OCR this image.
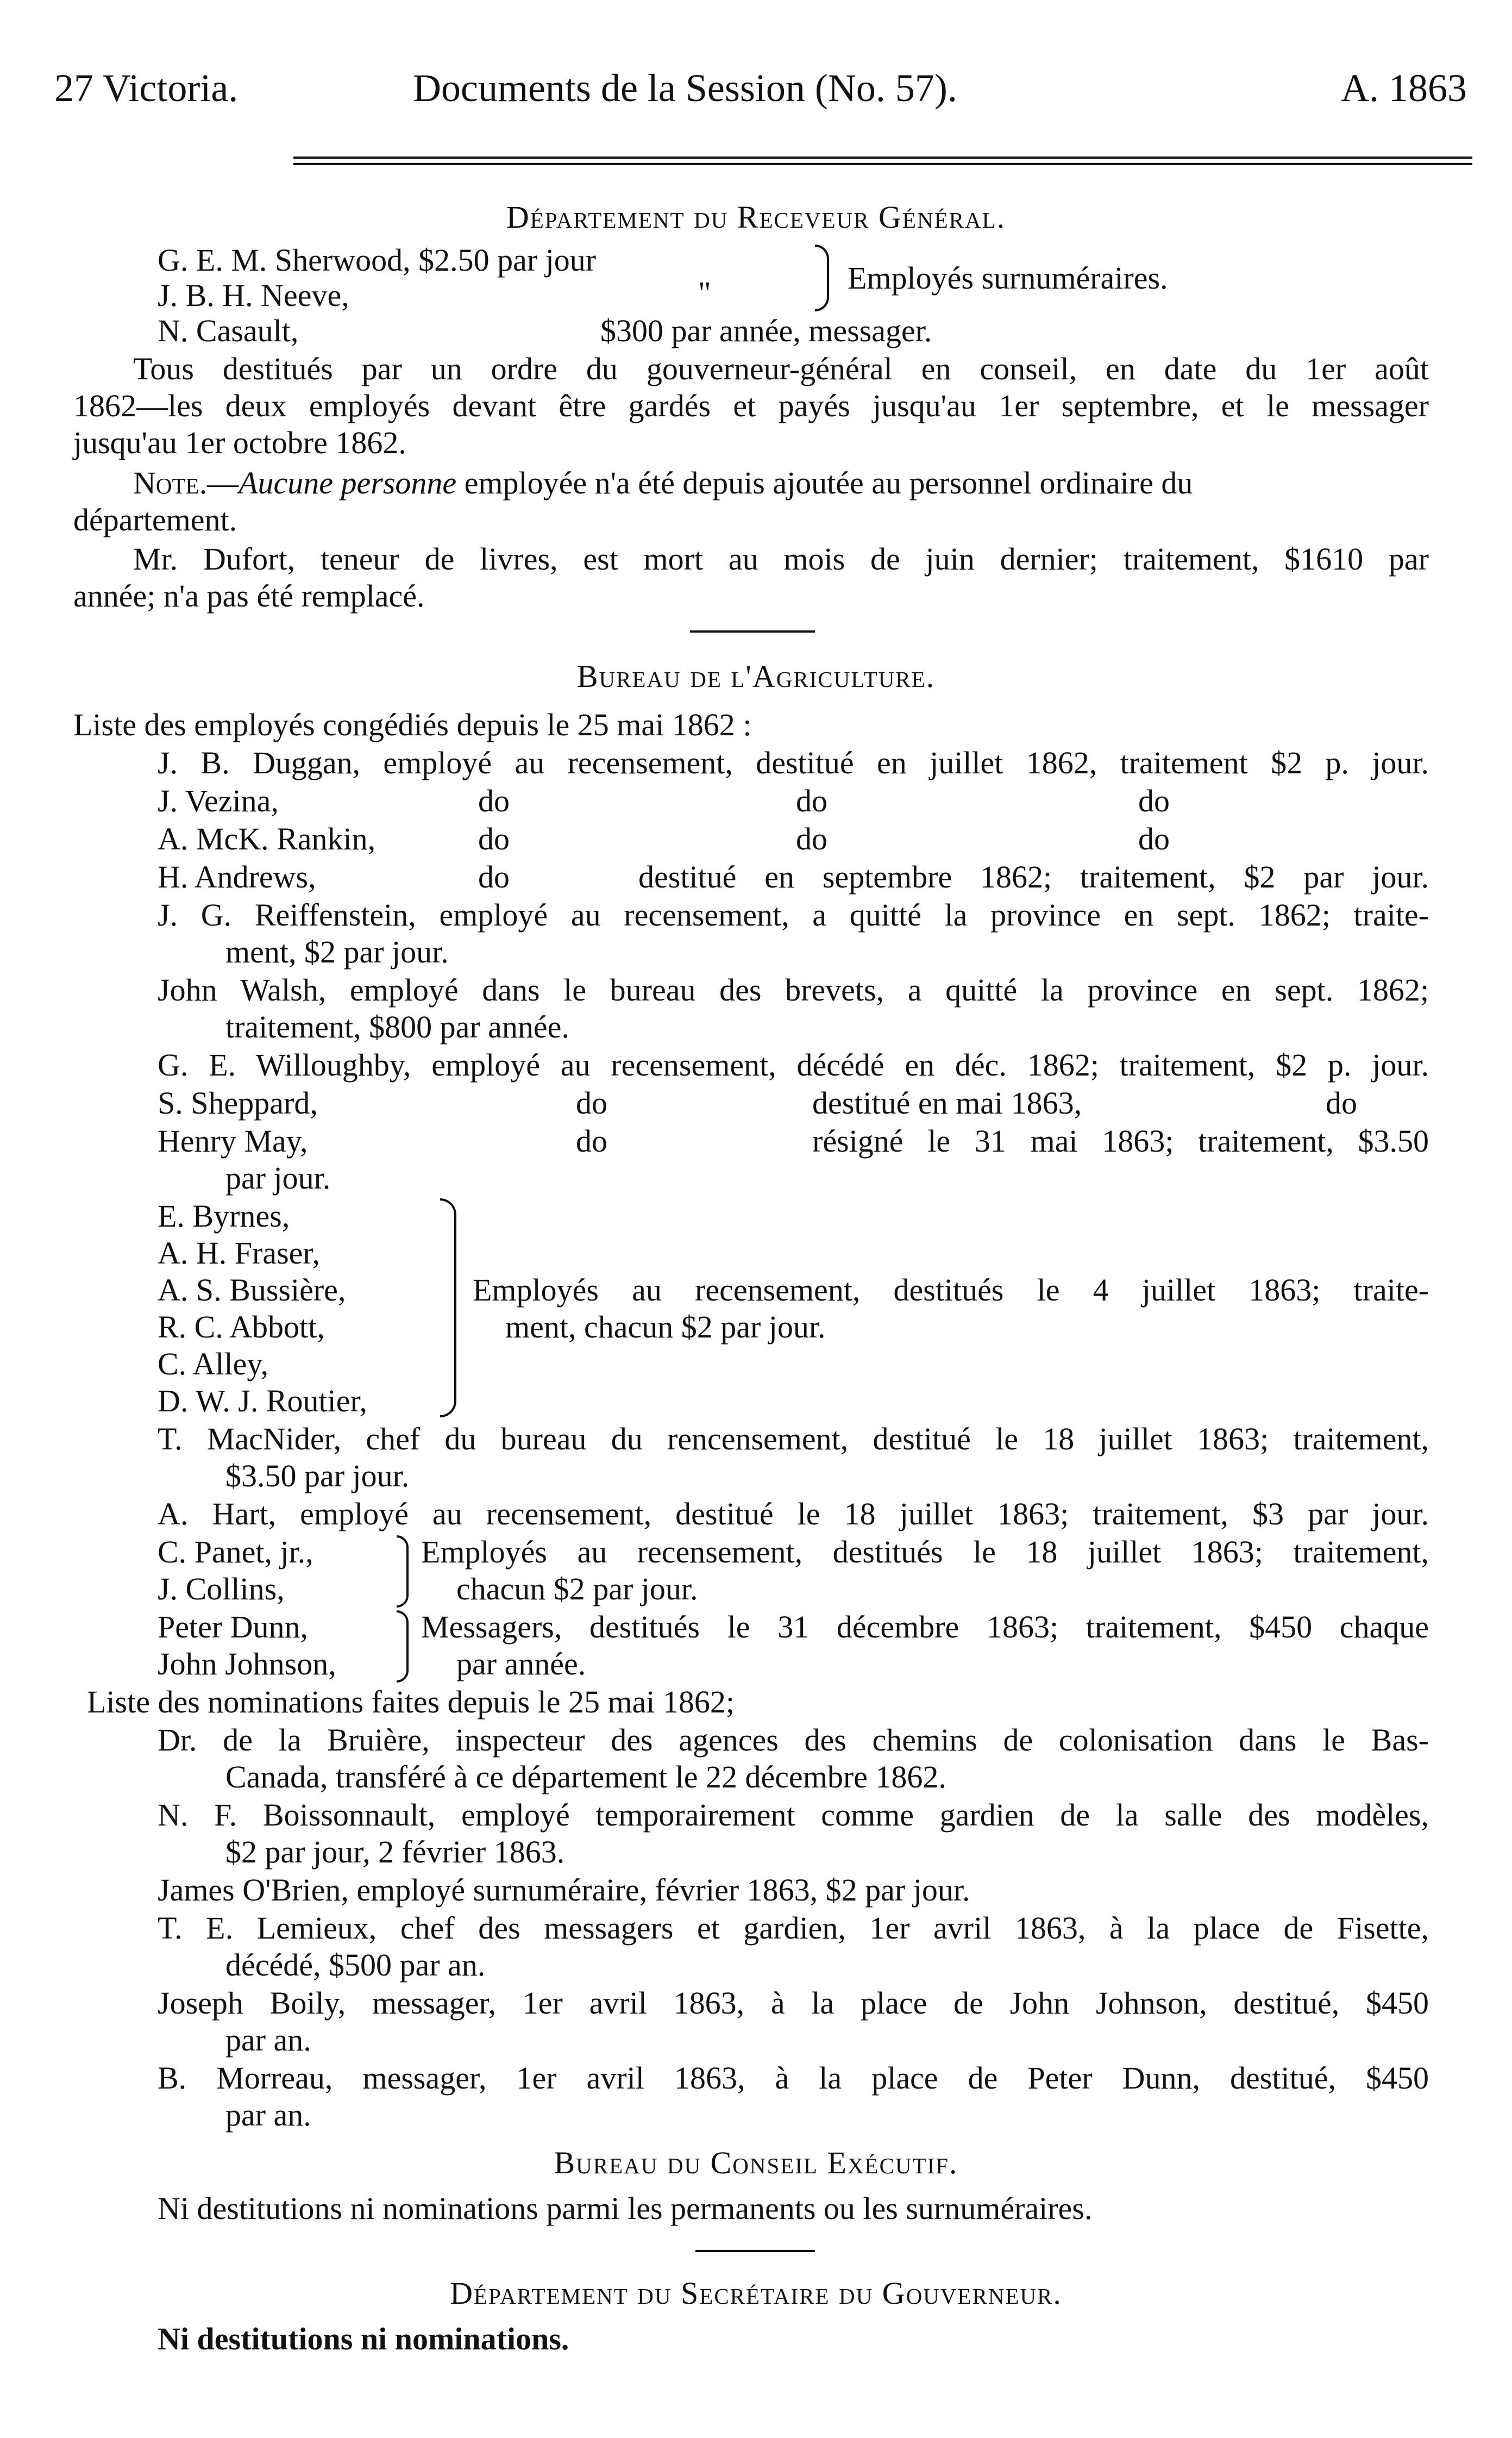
27 Victoria.	Documents de la Session (No. 57).	A. 1863
Département du Receveur Général.
G. E. M. Sherwood, $2.50 par jour
J. B. H. Neeve,	"	Employés surnuméraires.
N. Casault,	$300 par année, messager.
Tous destitués par un ordre du gouverneur-général en conseil, en date du 1er août
1862—les deux employés devant être gardés et payés jusqu'au 1er septembre, et le messager
jusqu'au 1er octobre 1862.
Note.—Aucune personne employée n'a été depuis ajoutée au personnel ordinaire du
département.
Mr. Dufort, teneur de livres, est mort au mois de juin dernier; traitement, $1610 par
année; n'a pas été remplacé.
Bureau de l'Agriculture.
Liste des employés congédiés depuis le 25 mai 1862 :
J. B. Duggan, employé au recensement, destitué en juillet 1862, traitement $2 p. jour.
J. Vezina,	do	do	do
A. McK. Rankin,	do	do	do
H. Andrews,	do	destitué en septembre 1862; traitement, $2 par jour.
J. G. Reiffenstein, employé au recensement, a quitté la province en sept. 1862; traite-
ment, $2 par jour.
John Walsh, employé dans le bureau des brevets, a quitté la province en sept. 1862;
traitement, $800 par année.
G. E. Willoughby, employé au recensement, décédé en déc. 1862; traitement, $2 p. jour.
S. Sheppard,	do	destitué en mai 1863,	do
Henry May,	do	résigné le 31 mai 1863; traitement, $3.50
par jour.
E. Byrnes,
A. H. Fraser,
A. S. Bussière,
R. C. Abbott,
C. Alley,
D. W. J. Routier,
Employés au recensement, destitués le 4 juillet 1863; traite-
ment, chacun $2 par jour.
T. MacNider, chef du bureau du rencensement, destitué le 18 juillet 1863; traitement,
$3.50 par jour.
A. Hart, employé au recensement, destitué le 18 juillet 1863; traitement, $3 par jour.
C. Panet, jr.,
J. Collins,
Employés au recensement, destitués le 18 juillet 1863; traitement,
chacun $2 par jour.
Peter Dunn,
John Johnson,
Messagers, destitués le 31 décembre 1863; traitement, $450 chaque
par année.
Liste des nominations faites depuis le 25 mai 1862;
Dr. de la Bruière, inspecteur des agences des chemins de colonisation dans le Bas-
Canada, transféré à ce département le 22 décembre 1862.
N. F. Boissonnault, employé temporairement comme gardien de la salle des modèles,
$2 par jour, 2 février 1863.
James O'Brien, employé surnuméraire, février 1863, $2 par jour.
T. E. Lemieux, chef des messagers et gardien, 1er avril 1863, à la place de Fisette,
décédé, $500 par an.
Joseph Boily, messager, 1er avril 1863, à la place de John Johnson, destitué, $450
par an.
B. Morreau, messager, 1er avril 1863, à la place de Peter Dunn, destitué, $450
par an.
Bureau du Conseil Exécutif.
Ni destitutions ni nominations parmi les permanents ou les surnuméraires.
Département du Secrétaire du Gouverneur.
Ni destitutions ni nominations.
